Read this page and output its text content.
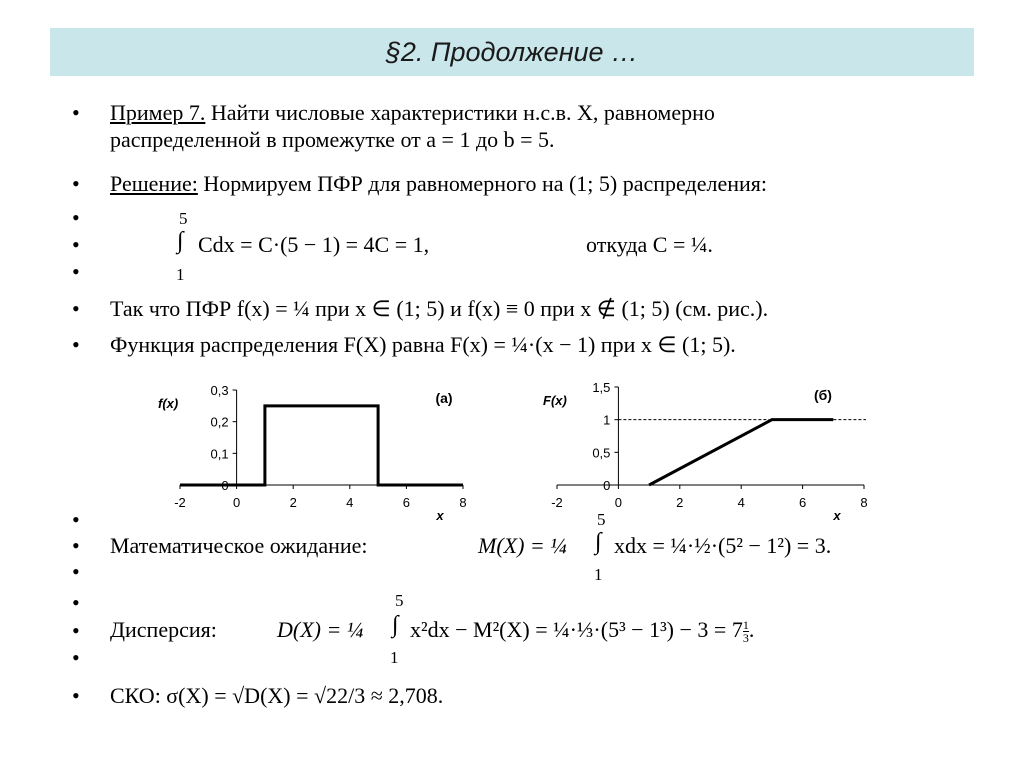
§2. Продолжение …
• Пример 7. Найти числовые характеристики н.с.в. X, равномерно
распределенной в промежутке от a = 1 до b = 5.
• Решение: Нормируем ПФР для равномерного на (1; 5) распределения:
•
•
•
5
∫
1
Cdx = C·(5 − 1) = 4C = 1,	откуда C = ¼.
• Так что ПФР f(x) = ¼ при x ∈ (1; 5) и f(x) ≡ 0 при x ∉ (1; 5) (см. рис.).
• Функция распределения F(X) равна F(x) = ¼·(x − 1) при x ∈ (1; 5).
0
0,1
0,2
0,3
-2	0	2	4	6	8
f(x)
x
(а)
0
0,5
1
1,5
-2	0	2	4	6	8
F(x)
x
(б)
•
•
•
5
∫
1
Математическое ожидание:	M(X) = ¼ xdx = ¼·½·(5² − 1²) = 3.
•
•
•
5
∫
1
Дисперсия:	D(X) = ¼ x²dx − M²(X) = ¼·⅓·(5³ − $1^3) - 3 = 7 \frac{1}{3}$ .
• СКО: σ(X) = √D(X) = √22/3 ≈ 2,708.
